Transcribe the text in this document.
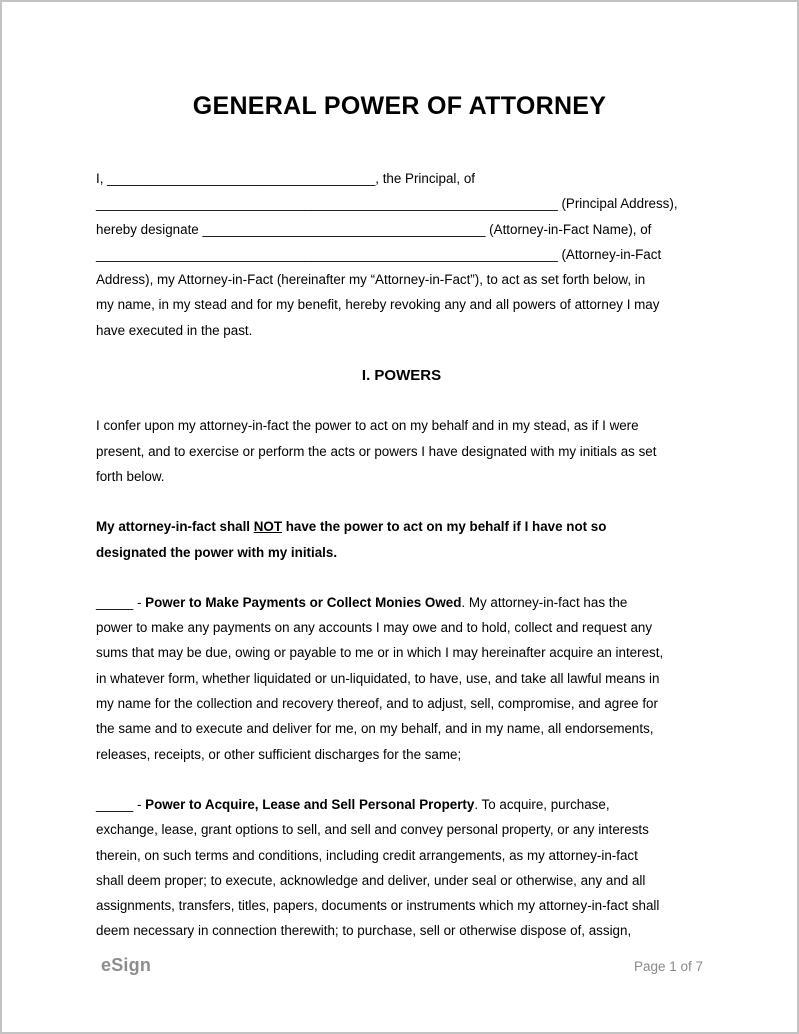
GENERAL POWER OF ATTORNEY
I, ____________________________________, the Principal, of
______________________________________________________________ (Principal Address),
hereby designate ______________________________________ (Attorney-in-Fact Name), of
______________________________________________________________ (Attorney-in-Fact
Address), my Attorney-in-Fact (hereinafter my “Attorney-in-Fact”), to act as set forth below, in
my name, in my stead and for my benefit, hereby revoking any and all powers of attorney I may
have executed in the past.
I. POWERS
I confer upon my attorney-in-fact the power to act on my behalf and in my stead, as if I were
present, and to exercise or perform the acts or powers I have designated with my initials as set
forth below.
My attorney-in-fact shall NOT have the power to act on my behalf if I have not so
designated the power with my initials.
_____ - Power to Make Payments or Collect Monies Owed. My attorney-in-fact has the
power to make any payments on any accounts I may owe and to hold, collect and request any
sums that may be due, owing or payable to me or in which I may hereinafter acquire an interest,
in whatever form, whether liquidated or un-liquidated, to have, use, and take all lawful means in
my name for the collection and recovery thereof, and to adjust, sell, compromise, and agree for
the same and to execute and deliver for me, on my behalf, and in my name, all endorsements,
releases, receipts, or other sufficient discharges for the same;
_____ - Power to Acquire, Lease and Sell Personal Property. To acquire, purchase,
exchange, lease, grant options to sell, and sell and convey personal property, or any interests
therein, on such terms and conditions, including credit arrangements, as my attorney-in-fact
shall deem proper; to execute, acknowledge and deliver, under seal or otherwise, any and all
assignments, transfers, titles, papers, documents or instruments which my attorney-in-fact shall
deem necessary in connection therewith; to purchase, sell or otherwise dispose of, assign,
eSign	Page 1 of 7
